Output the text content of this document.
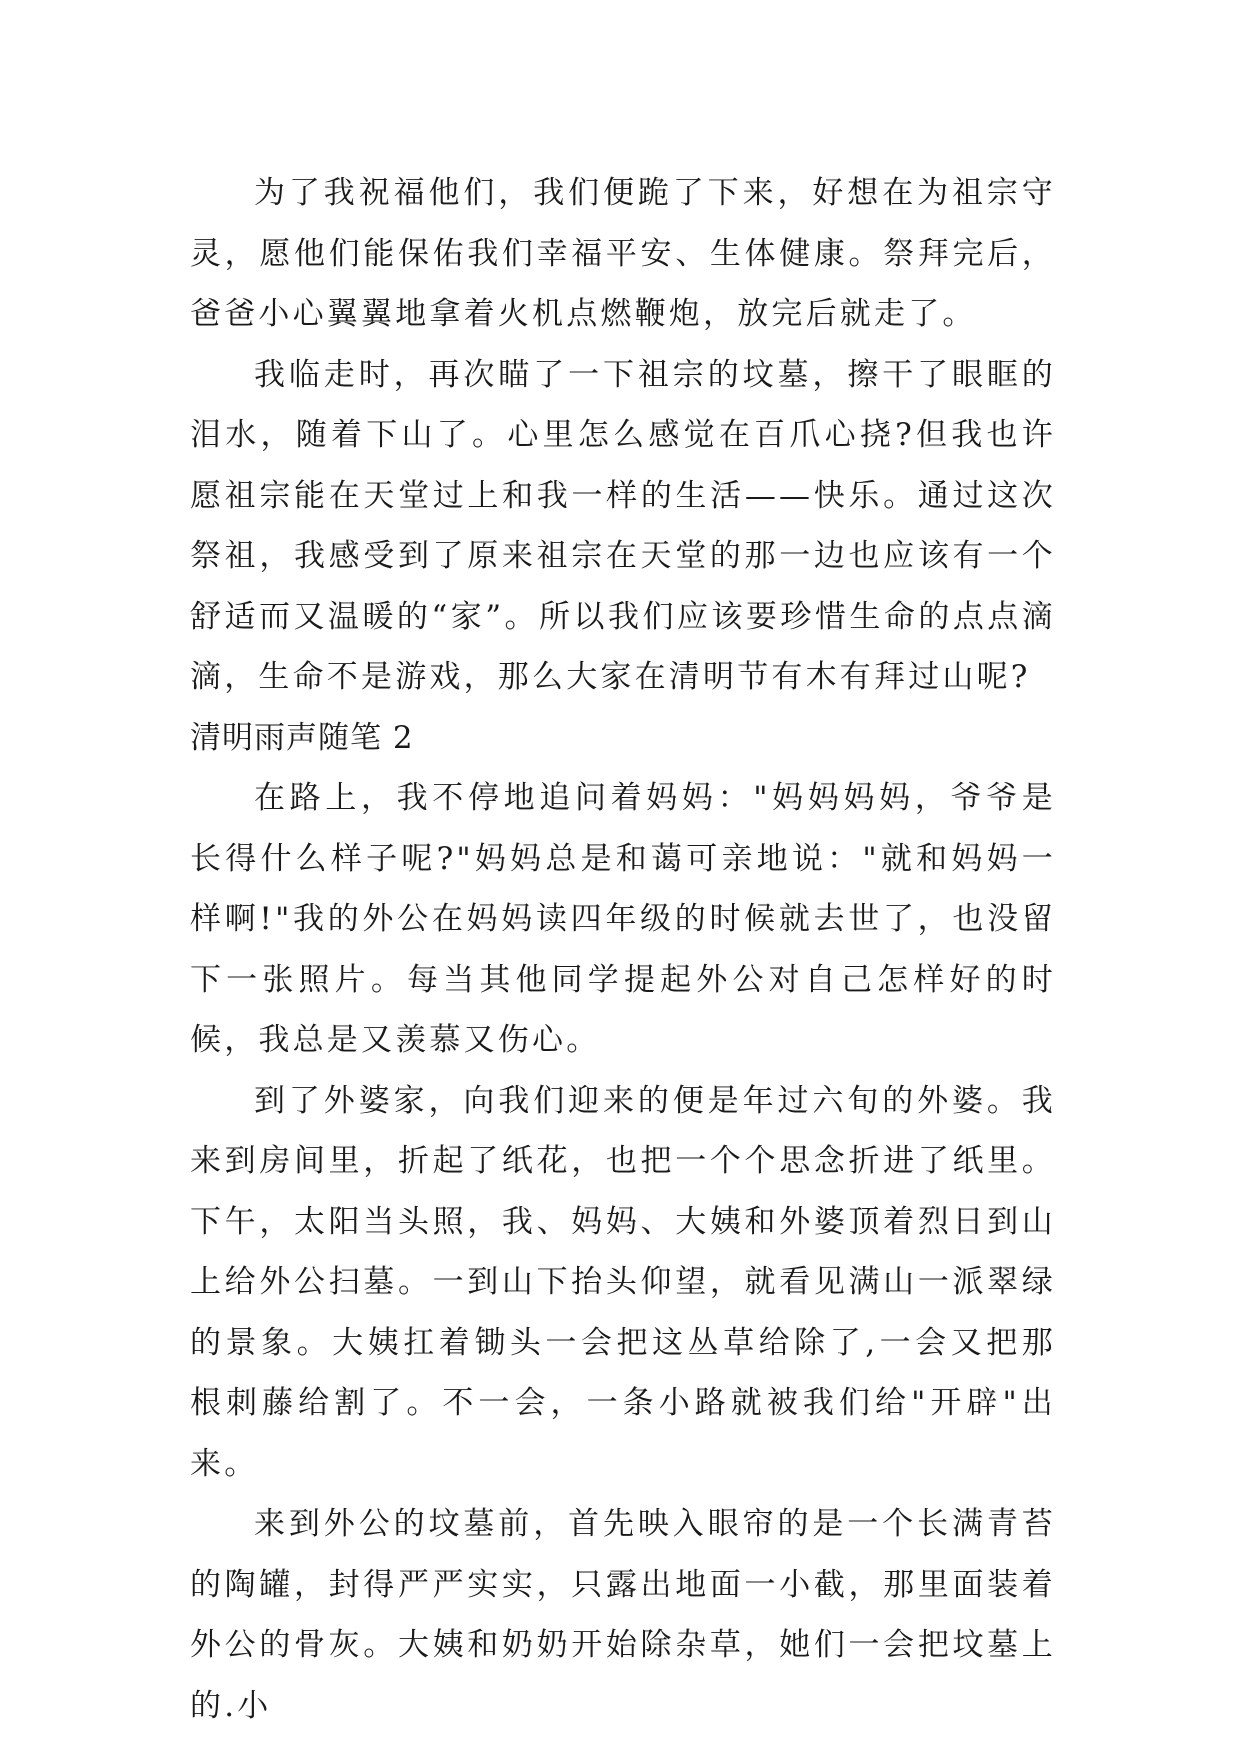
为了我祝福他们，我们便跪了下来，好想在为祖宗守灵，愿他们能保佑我们幸福平安、生体健康。祭拜完后，爸爸小心翼翼地拿着火机点燃鞭炮，放完后就走了。

我临走时，再次瞄了一下祖宗的坟墓，擦干了眼眶的泪水，随着下山了。心里怎么感觉在百爪心挠?但我也许愿祖宗能在天堂过上和我一样的生活——快乐。通过这次祭祖，我感受到了原来祖宗在天堂的那一边也应该有一个舒适而又温暖的“家”。所以我们应该要珍惜生命的点点滴滴，生命不是游戏，那么大家在清明节有木有拜过山呢?

清明雨声随笔 2

在路上，我不停地追问着妈妈："妈妈妈妈，爷爷是长得什么样子呢?"妈妈总是和蔼可亲地说："就和妈妈一样啊!"我的外公在妈妈读四年级的时候就去世了，也没留下一张照片。每当其他同学提起外公对自己怎样好的时候，我总是又羡慕又伤心。

到了外婆家，向我们迎来的便是年过六旬的外婆。我来到房间里，折起了纸花，也把一个个思念折进了纸里。下午，太阳当头照，我、妈妈、大姨和外婆顶着烈日到山上给外公扫墓。一到山下抬头仰望，就看见满山一派翠绿的景象。大姨扛着锄头一会把这丛草给除了,一会又把那根刺藤给割了。不一会，一条小路就被我们给"开辟"出来。

来到外公的坟墓前，首先映入眼帘的是一个长满青苔的陶罐，封得严严实实，只露出地面一小截，那里面装着外公的骨灰。大姨和奶奶开始除杂草，她们一会把坟墓上的.小
